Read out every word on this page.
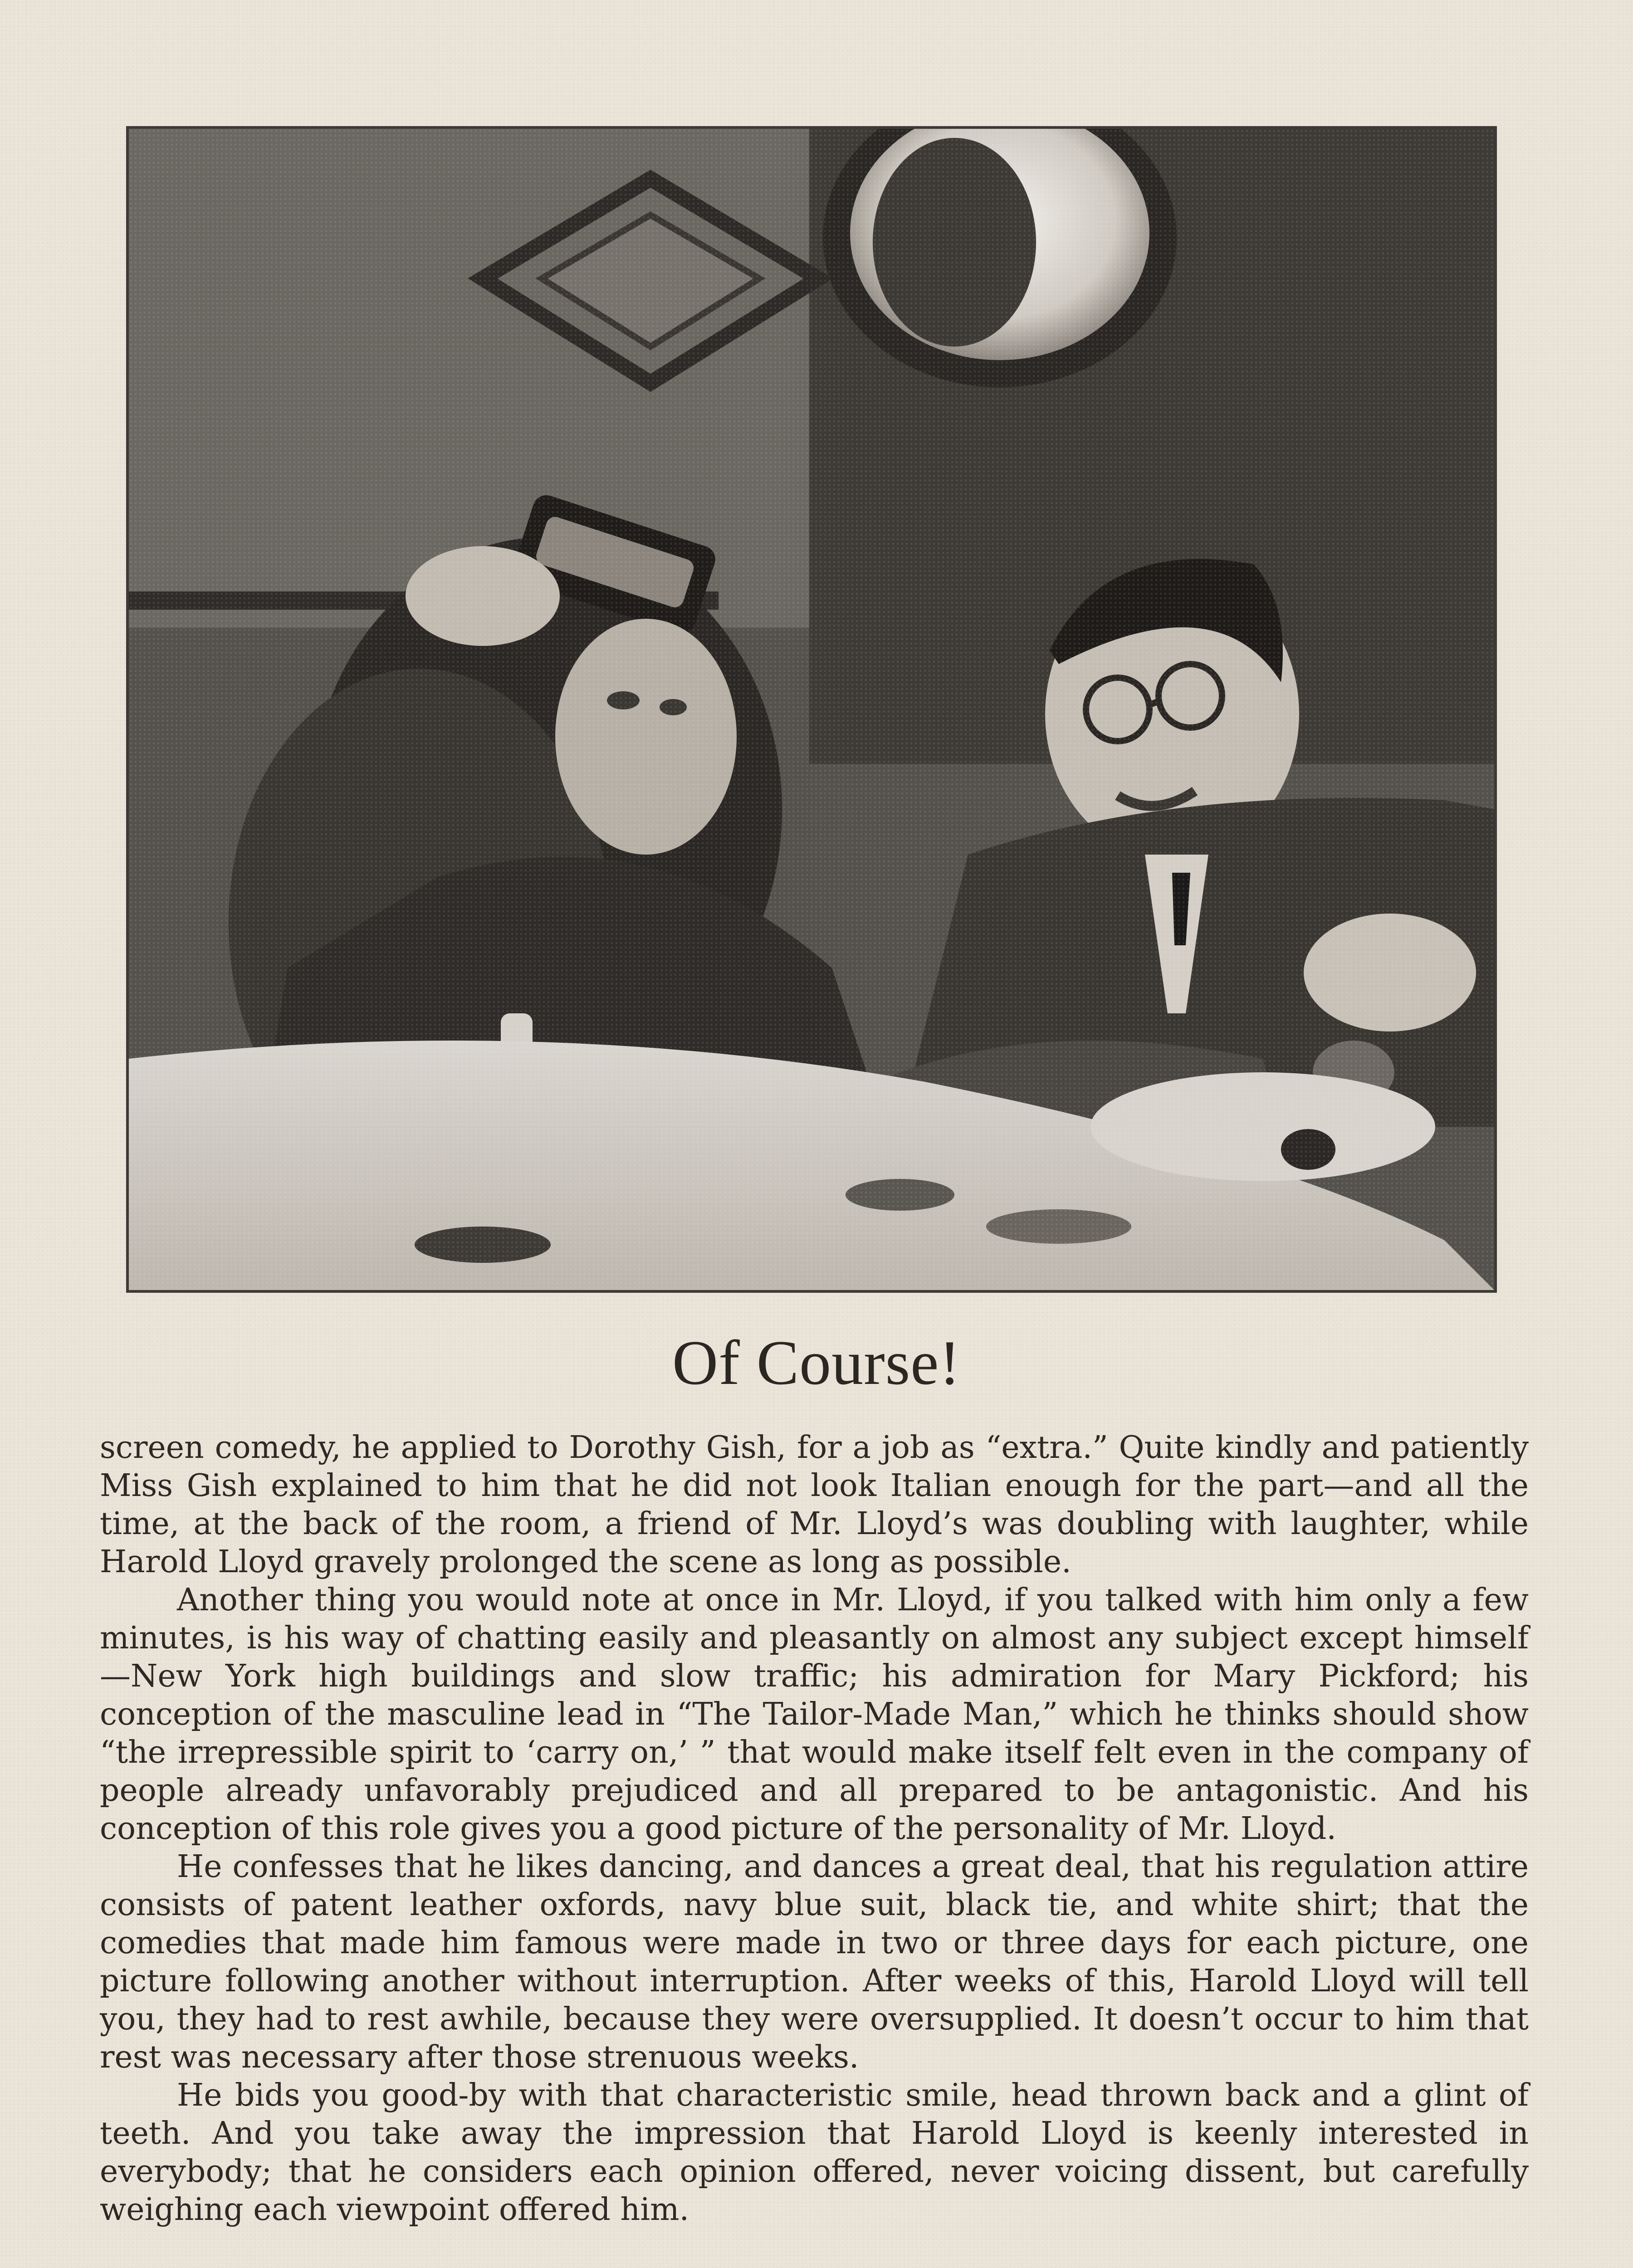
Of Course!

screen comedy, he applied to Dorothy Gish, for a job as “extra.” Quite kindly and patiently Miss Gish explained to him that he did not look Italian enough for the part—and all the time, at the back of the room, a friend of Mr. Lloyd’s was doubling with laughter, while Harold Lloyd gravely prolonged the scene as long as possible.

Another thing you would note at once in Mr. Lloyd, if you talked with him only a few minutes, is his way of chatting easily and pleasantly on almost any subject except himself—New York high buildings and slow traffic; his admiration for Mary Pickford; his conception of the masculine lead in “The Tailor-Made Man,” which he thinks should show “the irrepressible spirit to ‘carry on,’ ” that would make itself felt even in the company of people already unfavorably prejudiced and all prepared to be antagonistic. And his conception of this role gives you a good picture of the personality of Mr. Lloyd.

He confesses that he likes dancing, and dances a great deal, that his regulation attire consists of patent leather oxfords, navy blue suit, black tie, and white shirt; that the comedies that made him famous were made in two or three days for each picture, one picture following another without interruption. After weeks of this, Harold Lloyd will tell you, they had to rest awhile, because they were oversupplied. It doesn’t occur to him that rest was necessary after those strenuous weeks.

He bids you good-by with that characteristic smile, head thrown back and a glint of teeth. And you take away the impression that Harold Lloyd is keenly interested in everybody; that he considers each opinion offered, never voicing dissent, but carefully weighing each viewpoint offered him.
